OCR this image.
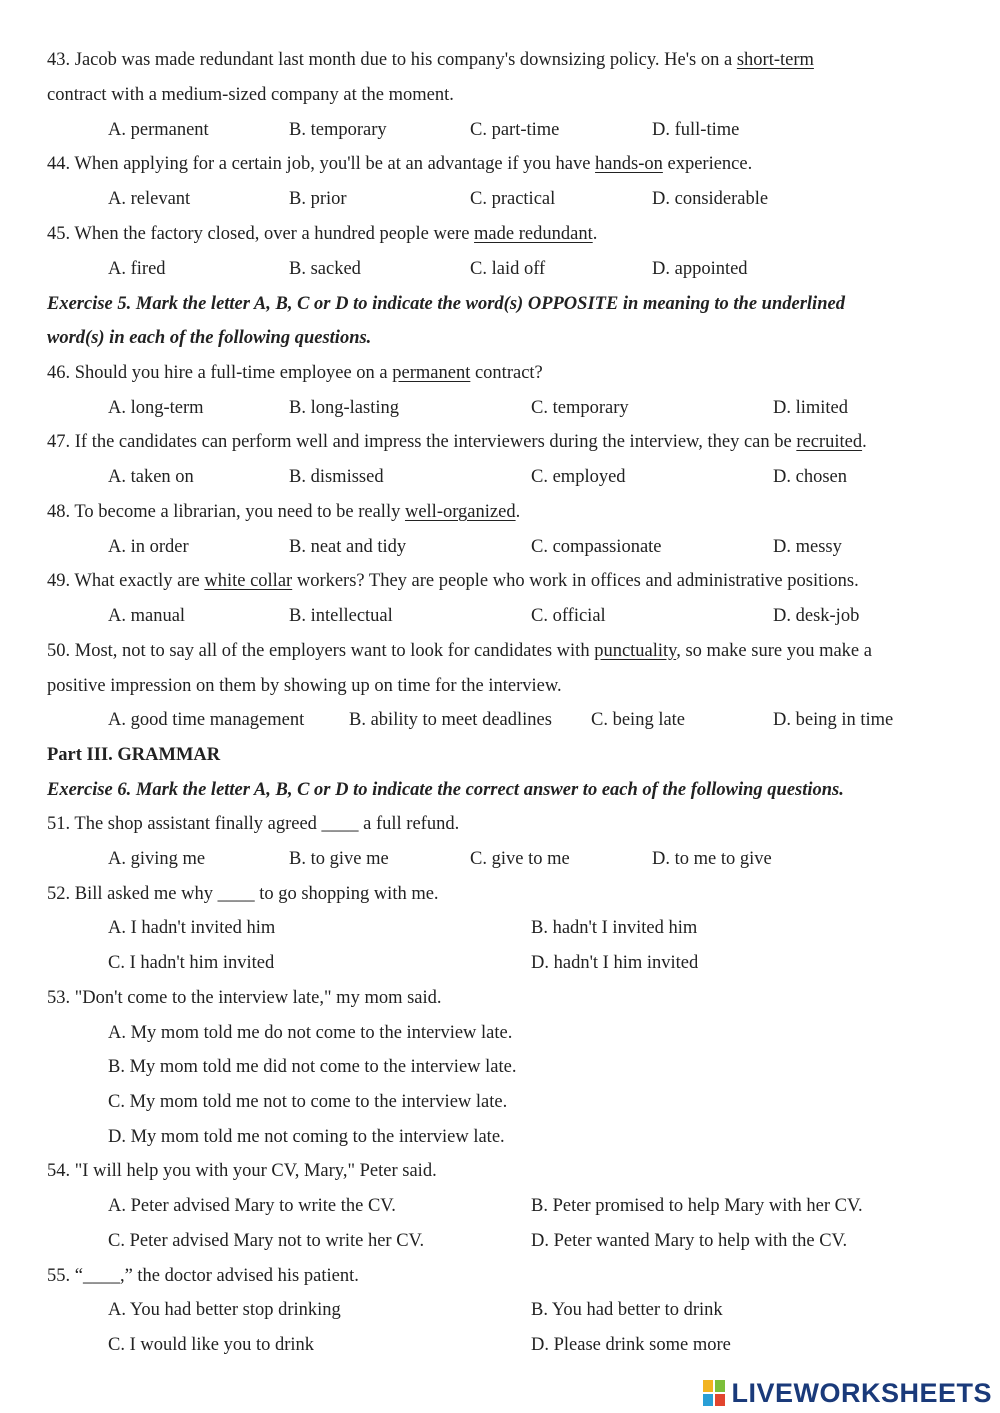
43. Jacob was made redundant last month due to his company's downsizing policy. He's on a short-term
contract with a medium-sized company at the moment.
A. permanent	B. temporary	C. part-time	D. full-time
44. When applying for a certain job, you'll be at an advantage if you have hands-on experience.
A. relevant	B. prior	C. practical	D. considerable
45. When the factory closed, over a hundred people were made redundant.
A. fired	B. sacked	C. laid off	D. appointed
Exercise 5. Mark the letter A, B, C or D to indicate the word(s) OPPOSITE in meaning to the underlined
word(s) in each of the following questions.
46. Should you hire a full-time employee on a permanent contract?
A. long-term	B. long-lasting	C. temporary	D. limited
47. If the candidates can perform well and impress the interviewers during the interview, they can be recruited.
A. taken on	B. dismissed	C. employed	D. chosen
48. To become a librarian, you need to be really well-organized.
A. in order	B. neat and tidy	C. compassionate	D. messy
49. What exactly are white collar workers? They are people who work in offices and administrative positions.
A. manual	B. intellectual	C. official	D. desk-job
50. Most, not to say all of the employers want to look for candidates with punctuality, so make sure you make a
positive impression on them by showing up on time for the interview.
A. good time management B. ability to meet deadlines C. being late	D. being in time
Part III. GRAMMAR
Exercise 6. Mark the letter A, B, C or D to indicate the correct answer to each of the following questions.
51. The shop assistant finally agreed ____ a full refund.
A. giving me	B. to give me	C. give to me	D. to me to give
52. Bill asked me why ____ to go shopping with me.
A. I hadn't invited him	B. hadn't I invited him
C. I hadn't him invited	D. hadn't I him invited
53. "Don't come to the interview late," my mom said.
A. My mom told me do not come to the interview late.
B. My mom told me did not come to the interview late.
C. My mom told me not to come to the interview late.
D. My mom told me not coming to the interview late.
54. "I will help you with your CV, Mary," Peter said.
A. Peter advised Mary to write the CV.	B. Peter promised to help Mary with her CV.
C. Peter advised Mary not to write her CV.	D. Peter wanted Mary to help with the CV.
55. “____,” the doctor advised his patient.
A. You had better stop drinking	B. You had better to drink
C. I would like you to drink	D. Please drink some more
LIVEWORKSHEETS
